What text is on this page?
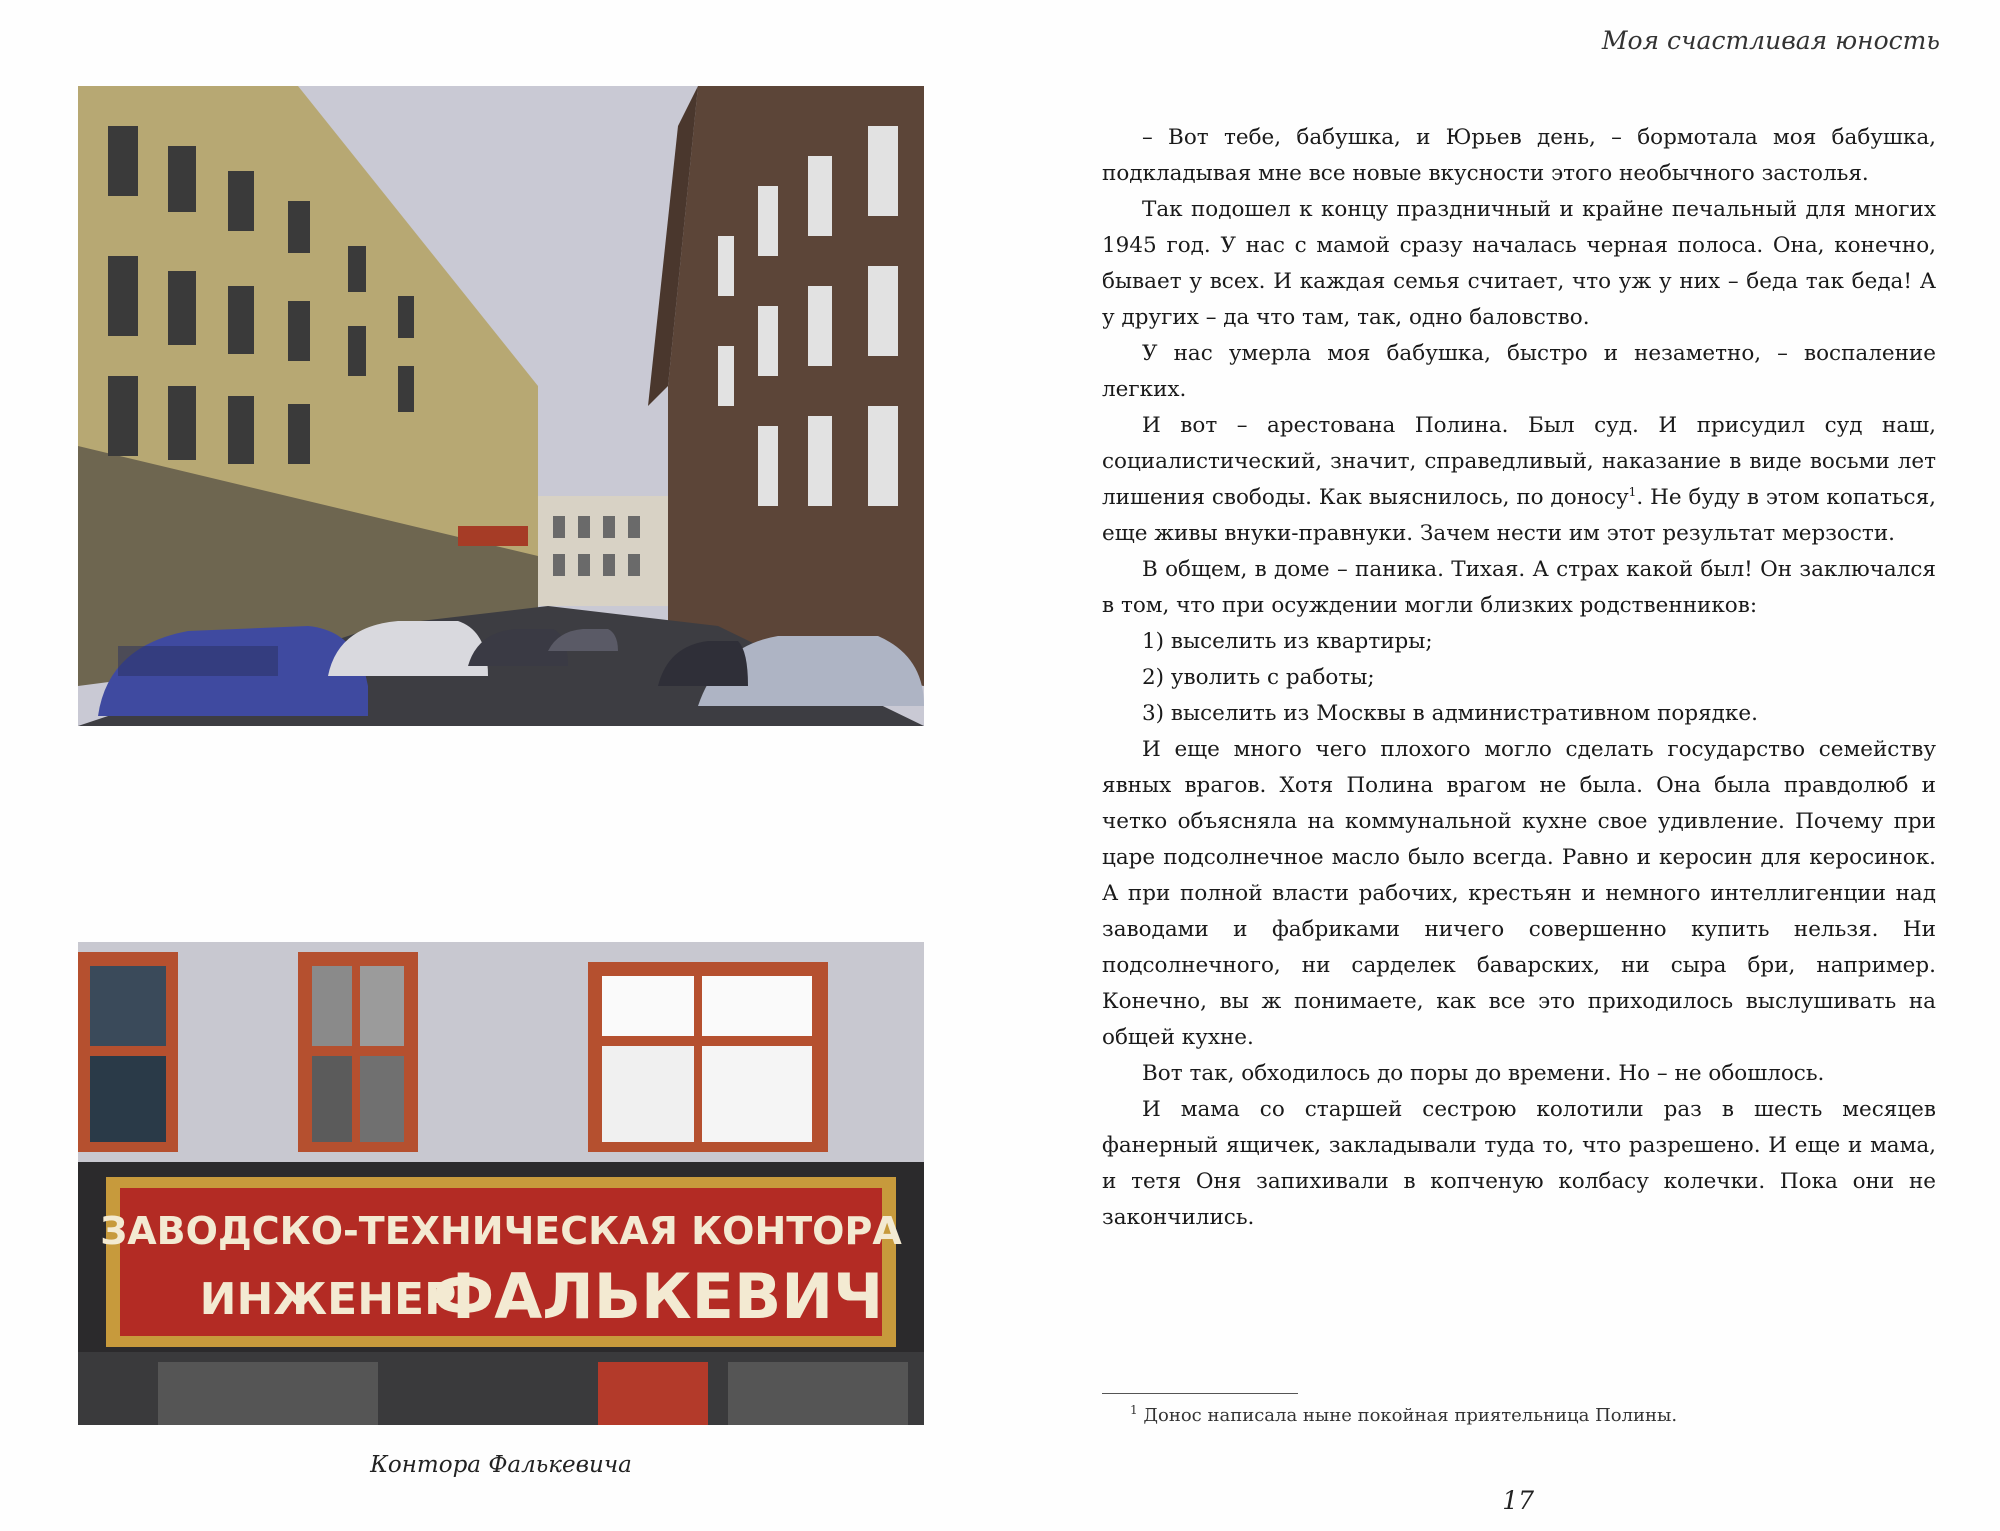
ЗАВОДСКО-ТЕХНИЧЕСКАЯ КОНТОРА
ИНЖЕНЕР
ФАЛЬКЕВИЧ
Контора Фалькевича
Моя счастливая юность

– Вот тебе, бабушка, и Юрьев день, – бормотала моя бабушка, подкладывая мне все новые вкусности этого необычного застолья.

Так подошел к концу праздничный и крайне печальный для многих 1945 год. У нас с мамой сразу началась черная полоса. Она, конечно, бывает у всех. И каждая семья считает, что уж у них – беда так беда! А у других – да что там, так, одно баловство.

У нас умерла моя бабушка, быстро и незаметно, – воспаление легких.

И вот – арестована Полина. Был суд. И присудил суд наш, социалистический, значит, справедливый, наказание в виде восьми лет лишения свободы. Как выяснилось, по доносу$^1$. Не буду в этом копаться, еще живы внуки-правнуки. Зачем нести им этот результат мерзости.

В общем, в доме – паника. Тихая. А страх какой был! Он заключался в том, что при осуждении могли близких родственников:

1) выселить из квартиры;

2) уволить с работы;

3) выселить из Москвы в административном порядке.

И еще много чего плохого могло сделать государство семейству явных врагов. Хотя Полина врагом не была. Она была правдолюб и четко объясняла на коммунальной кухне свое удивление. Почему при царе подсолнечное масло было всегда. Равно и керосин для керосинок. А при полной власти рабочих, крестьян и немного интеллигенции над заводами и фабриками ничего совершенно купить нельзя. Ни подсолнечного, ни сарделек баварских, ни сыра бри, например. Конечно, вы ж понимаете, как все это приходилось выслушивать на общей кухне.

Вот так, обходилось до поры до времени. Но – не обошлось.

И мама со старшей сестрою колотили раз в шесть месяцев фанерный ящичек, закладывали туда то, что разрешено. И еще и мама, и тетя Оня запихивали в копченую колбасу колечки. Пока они не закончились.

$^1$ Донос написала ныне покойная приятельница Полины.
17
